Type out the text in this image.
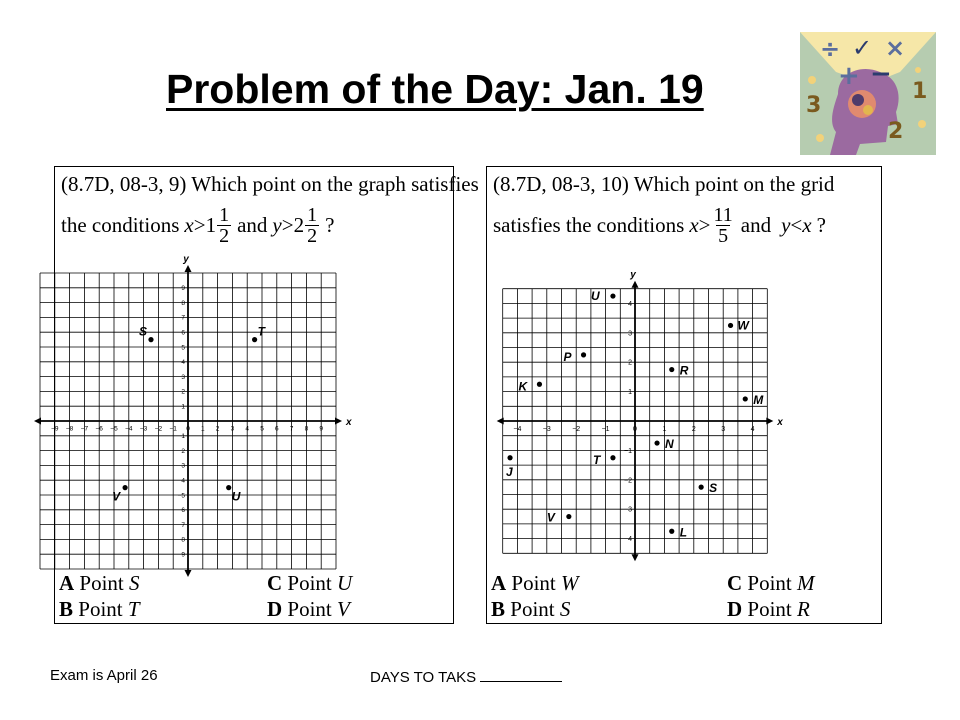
Problem of the Day: Jan. 19
÷ ✓ ×
+ −
3
1
2
(8.7D, 08-3, 9) Which point on the graph satisfies
the conditions $x > 1 \frac{1}{2}$ and $y > 2 \frac{1}{2}$ ?
x
y
−9 −8 −7 −6 −5 −4 −3 −2 −1 0 1 2 3 4 5 6 7 8 9
−9
−8
−7
−6
−5
−4
−3
−2
−1
1
2
3
4
5
6
7
8
9
S	T
V	U
A Point S
B Point T
C Point U
D Point V
(8.7D, 08-3, 10) Which point on the grid
satisfies the conditions $x > \frac{11}{5}$ and y < x ?
x
y
−4	−3	−2	−1	0	1	2	3	4
−4
−3
−2
−1
1
2
3
4
U
W
P
R
K
M
N
J
T
S
V
L
A Point W
B Point S
C Point M
D Point R
Exam is April 26	DAYS TO TAKS
